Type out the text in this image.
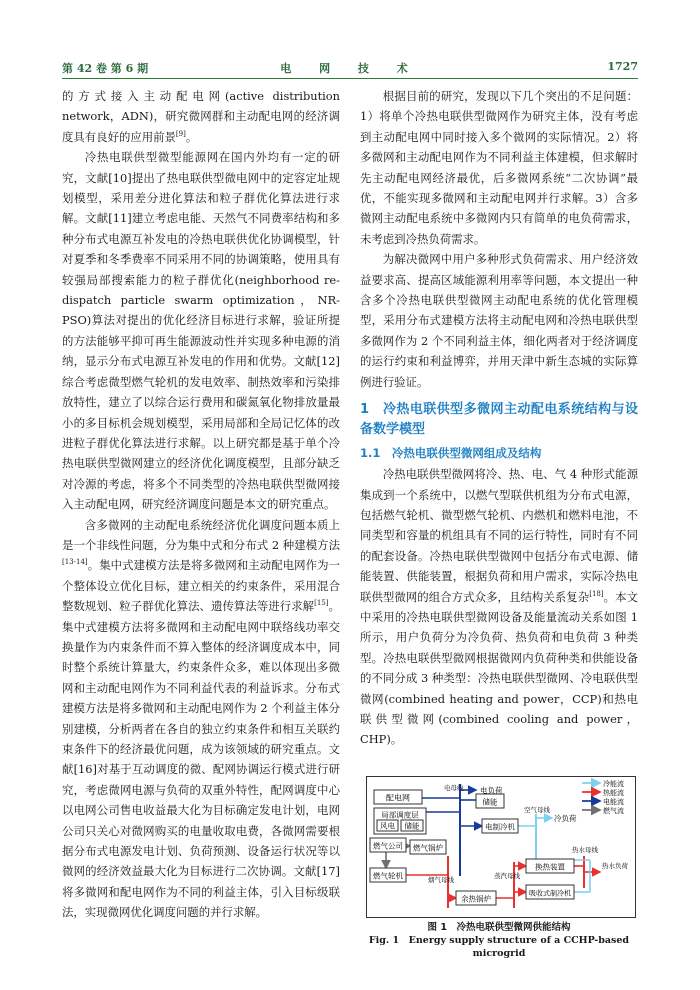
第 42 卷 第 6 期	电 网 技 术	1727

的方式接入主动配电网(active distribution network，ADN)，研究微网群和主动配电网的经济调度具有良好的应用前景[9]。

冷热电联供型微型能源网在国内外均有一定的研究，文献[10]提出了热电联供型微电网中的定容定址规划模型，采用差分进化算法和粒子群优化算法进行求解。文献[11]建立考虑电能、天然气不同费率结构和多种分布式电源互补发电的冷热电联供优化协调模型，针对夏季和冬季费率不同采用不同的协调策略，使用具有较强局部搜索能力的粒子群优化(neighborhood re-dispatch particle swarm optimization，NR-PSO)算法对提出的优化经济目标进行求解，验证所提的方法能够平抑可再生能源波动性并实现多种电源的消纳，显示分布式电源互补发电的作用和优势。文献[12]综合考虑微型燃气轮机的发电效率、制热效率和污染排放特性，建立了以综合运行费用和碳氮氧化物排放量最小的多目标机会规划模型，采用局部和全局记忆体的改进粒子群优化算法进行求解。以上研究都是基于单个冷热电联供型微网建立的经济优化调度模型，且部分缺乏对冷源的考虑，将多个不同类型的冷热电联供型微网接入主动配电网，研究经济调度问题是本文的研究重点。

含多微网的主动配电系统经济优化调度问题本质上是一个非线性问题，分为集中式和分布式 2 种建模方法[13-14]。集中式建模方法是将多微网和主动配电网作为一个整体设立优化目标，建立相关的约束条件，采用混合整数规划、粒子群优化算法、遗传算法等进行求解[15]。集中式建模方法将多微网和主动配电网中联络线功率交换量作为内束条件而不算入整体的经济调度成本中，同时整个系统计算量大，约束条件众多，难以体现出多微网和主动配电网作为不同利益代表的利益诉求。分布式建模方法是将多微网和主动配电网作为 2 个利益主体分别建模，分析两者在各自的独立约束条件和相互关联约束条件下的经济最优问题，成为该领域的研究重点。文献[16]对基于互动调度的微、配网协调运行模式进行研究，考虑微网电源与负荷的双重外特性，配网调度中心以电网公司售电收益最大化为目标确定发电计划，电网公司只关心对微网购买的电量收取电费，各微网需要根据分布式电源发电计划、负荷预测、设备运行状况等以微网的经济效益最大化为目标进行二次协调。文献[17]将多微网和配电网作为不同的利益主体，引入目标级联法，实现微网优化调度问题的并行求解。

根据目前的研究，发现以下几个突出的不足问题：1）将单个冷热电联供型微网作为研究主体，没有考虑到主动配电网中同时接入多个微网的实际情况。2）将多微网和主动配电网作为不同利益主体建模，但求解时先主动配电网经济最优，后多微网系统“二次协调”最优，不能实现多微网和主动配电网并行求解。3）含多微网主动配电系统中多微网内只有简单的电负荷需求，未考虑到冷热负荷需求。

为解决微网中用户多种形式负荷需求、用户经济效益要求高、提高区域能源利用率等问题，本文提出一种含多个冷热电联供型微网主动配电系统的优化管理模型，采用分布式建模方法将主动配电网和冷热电联供型多微网作为 2 个不同利益主体，细化两者对于经济调度的运行约束和利益博弈，并用天津中新生态城的实际算例进行验证。

1　冷热电联供型多微网主动配电系统结构与设备数学模型
1.1　冷热电联供型微网组成及结构

冷热电联供型微网将冷、热、电、气 4 种形式能源集成到一个系统中，以燃气型联供机组为分布式电源，包括燃气轮机、微型燃气轮机、内燃机和燃料电池，不同类型和容量的机组具有不同的运行特性，同时有不同的配套设备。冷热电联供型微网中包括分布式电源、储能装置、供能装置，根据负荷和用户需求，实际冷热电联供型微网的组合方式众多，且结构关系复杂[18]。本文中采用的冷热电联供型微网设备及能量流动关系如图 1 所示，用户负荷分为冷负荷、热负荷和电负荷 3 种类型。冷热电联供型微网根据微网内负荷种类和供能设备的不同分成 3 种类型：冷热电联供型微网、冷电联供型微网(combined heating and power，CCP)和热电联供型微网(combined cooling and power，CHP)。

配电网
局部调度层
风电 储能
储能
电制冷机
燃气公司 燃气锅炉
燃气轮机
余热锅炉
换热装置
吸收式制冷机
电负荷
冷负荷
电母线
空气母线
烟气母线	蒸汽母线
热水母线
热水负荷
冷能流
热能流
电能流
燃气流
图 1　冷热电联供型微网供能结构
Fig. 1　Energy supply structure of a CCHP-based microgrid
